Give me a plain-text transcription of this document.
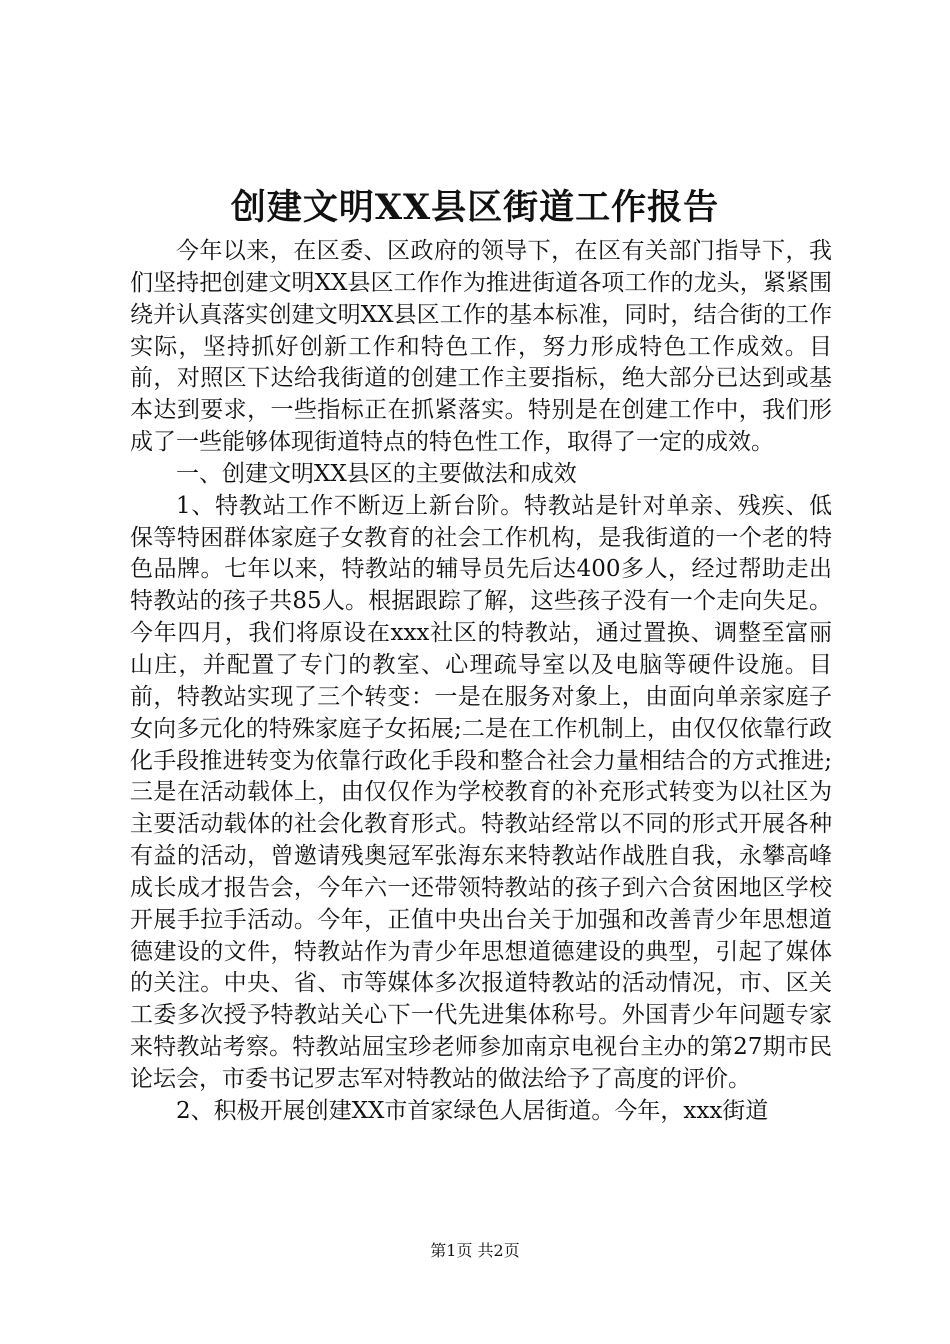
创建文明XX县区街道工作报告

今年以来，在区委、区政府的领导下，在区有关部门指导下，我们坚持把创建文明XX县区工作作为推进街道各项工作的龙头，紧紧围绕并认真落实创建文明XX县区工作的基本标准，同时，结合街的工作实际，坚持抓好创新工作和特色工作，努力形成特色工作成效。目前，对照区下达给我街道的创建工作主要指标，绝大部分已达到或基本达到要求，一些指标正在抓紧落实。特别是在创建工作中，我们形成了一些能够体现街道特点的特色性工作，取得了一定的成效。

一、创建文明XX县区的主要做法和成效

1、特教站工作不断迈上新台阶。特教站是针对单亲、残疾、低保等特困群体家庭子女教育的社会工作机构，是我街道的一个老的特色品牌。七年以来，特教站的辅导员先后达400多人，经过帮助走出特教站的孩子共85人。根据跟踪了解，这些孩子没有一个走向失足。今年四月，我们将原设在xxx社区的特教站，通过置换、调整至富丽山庄，并配置了专门的教室、心理疏导室以及电脑等硬件设施。目前，特教站实现了三个转变：一是在服务对象上，由面向单亲家庭子女向多元化的特殊家庭子女拓展;二是在工作机制上，由仅仅依靠行政化手段推进转变为依靠行政化手段和整合社会力量相结合的方式推进;三是在活动载体上，由仅仅作为学校教育的补充形式转变为以社区为主要活动载体的社会化教育形式。特教站经常以不同的形式开展各种有益的活动，曾邀请残奥冠军张海东来特教站作战胜自我，永攀高峰成长成才报告会，今年六一还带领特教站的孩子到六合贫困地区学校开展手拉手活动。今年，正值中央出台关于加强和改善青少年思想道德建设的文件，特教站作为青少年思想道德建设的典型，引起了媒体的关注。中央、省、市等媒体多次报道特教站的活动情况，市、区关工委多次授予特教站关心下一代先进集体称号。外国青少年问题专家来特教站考察。特教站屈宝珍老师参加南京电视台主办的第27期市民论坛会，市委书记罗志军对特教站的做法给予了高度的评价。

2、积极开展创建XX市首家绿色人居街道。今年，xxx街道

第1页 共2页
